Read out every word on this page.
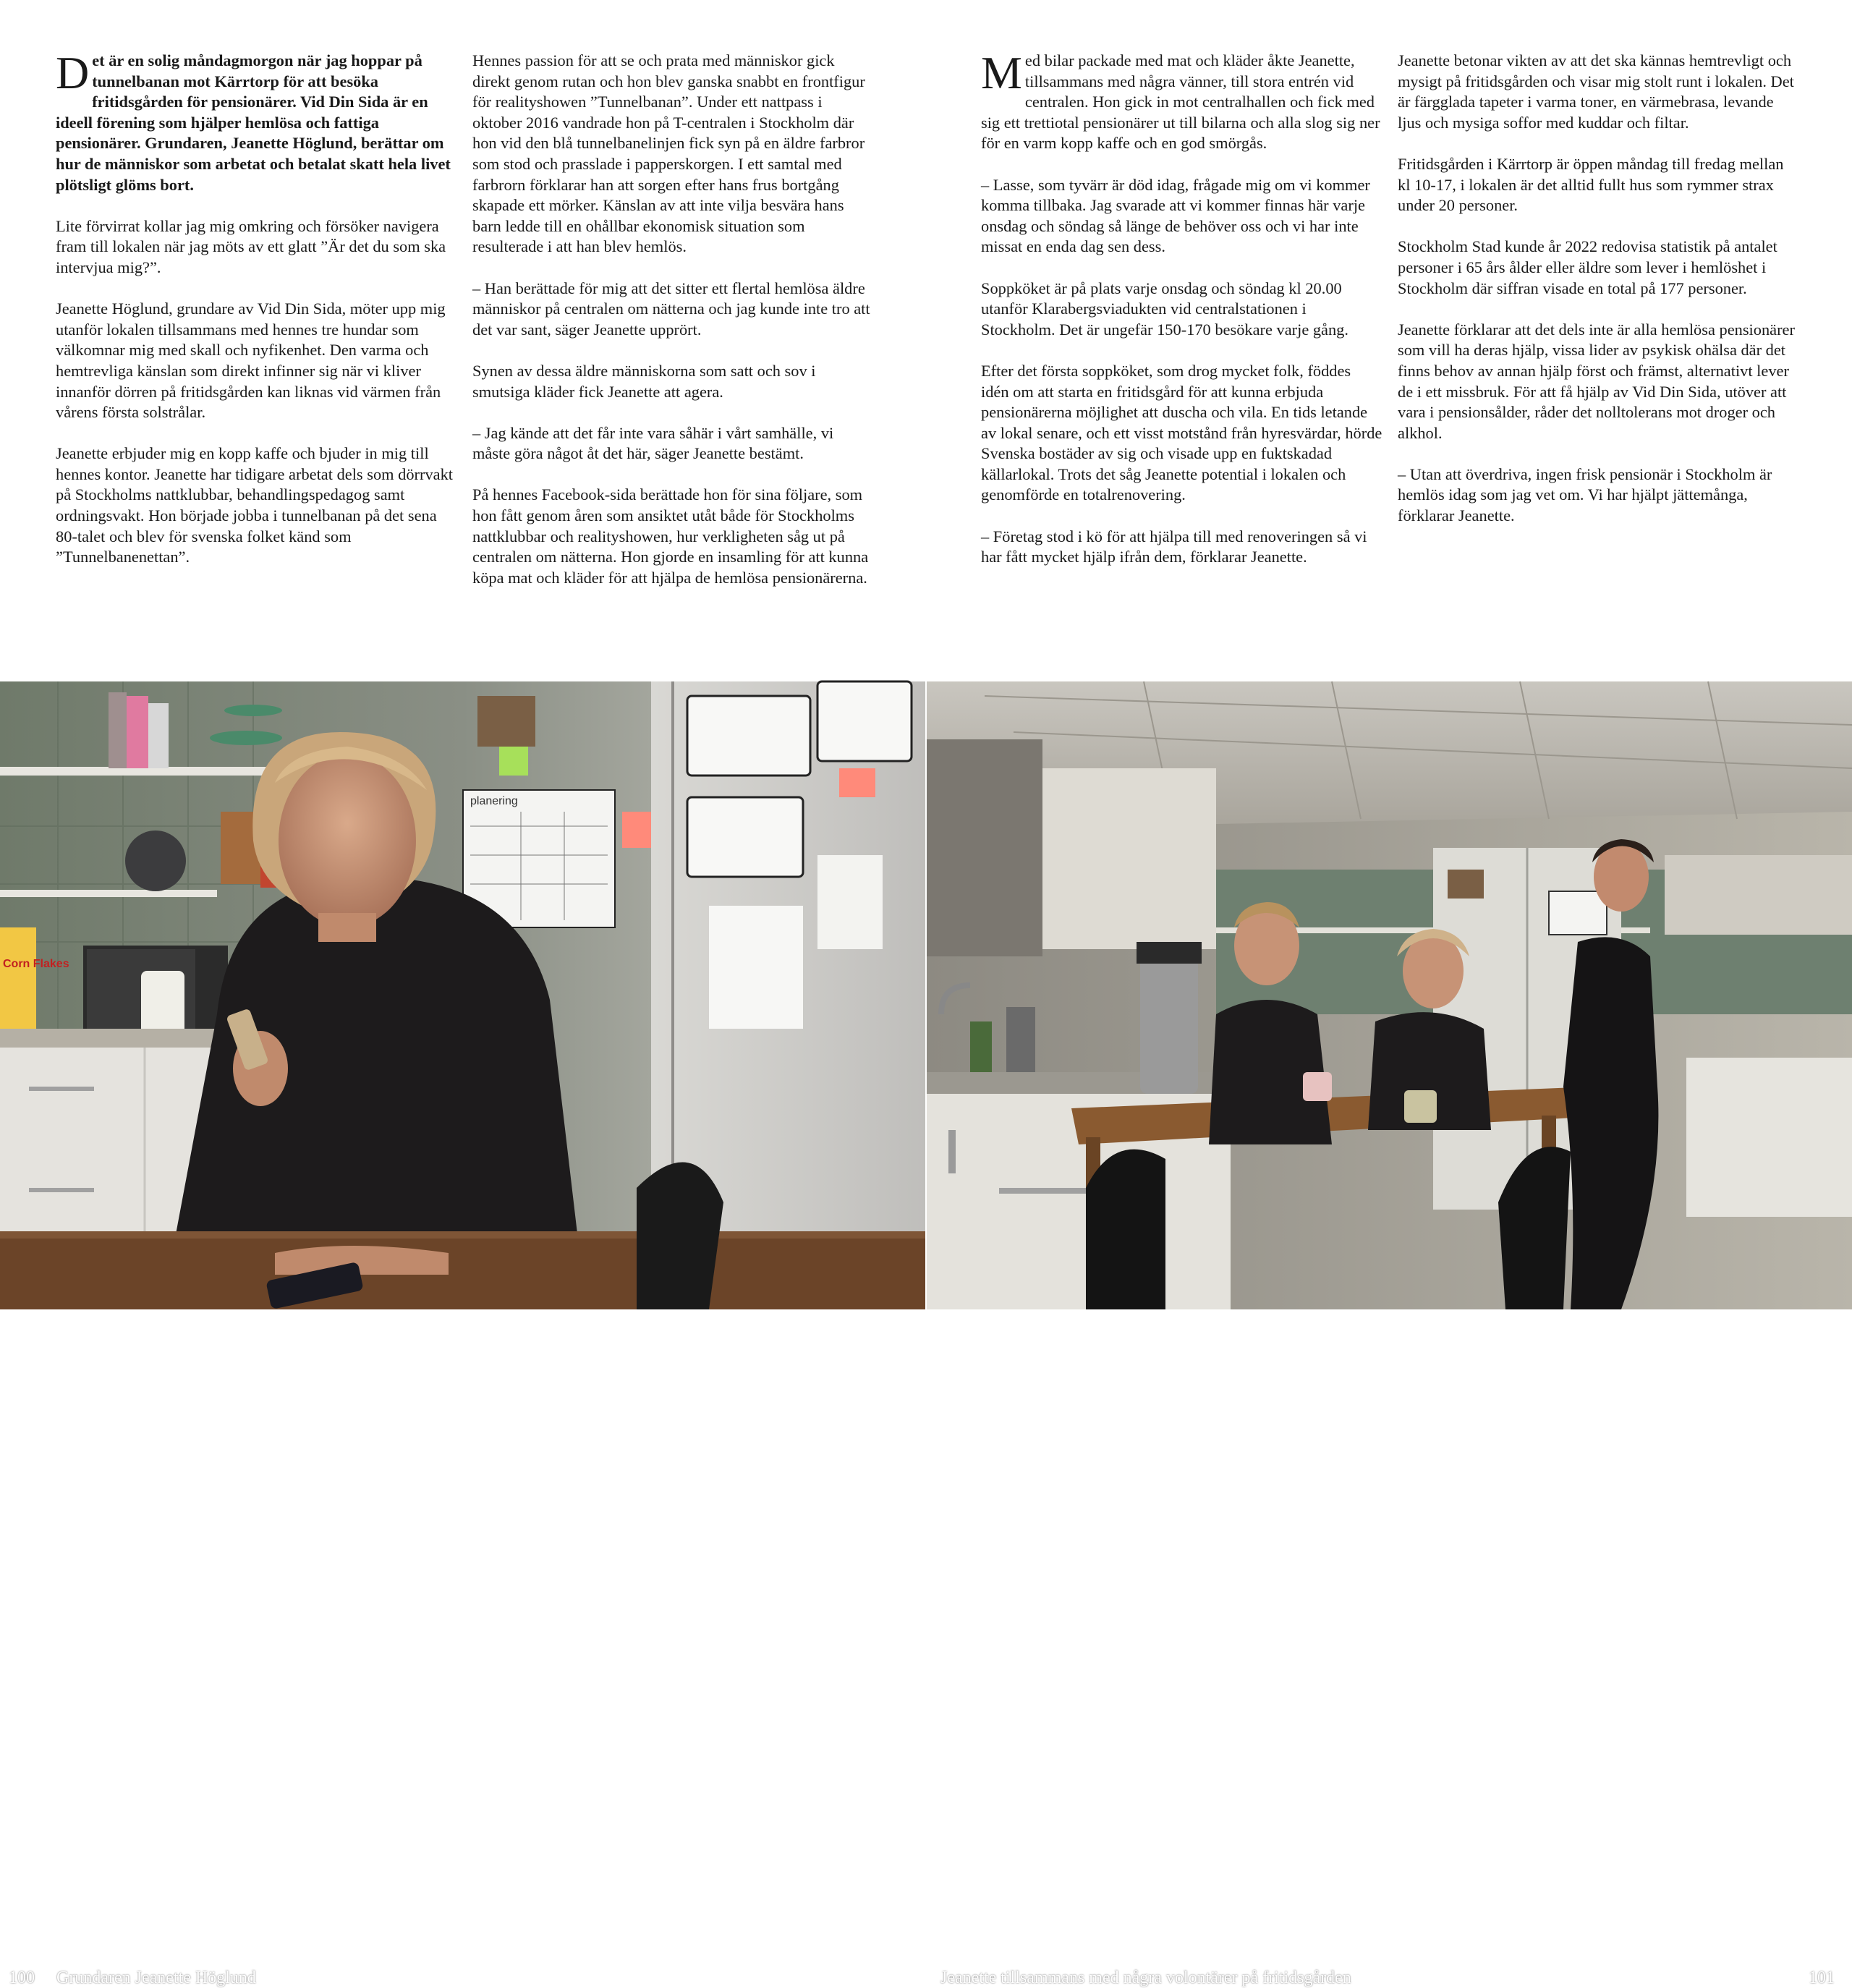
Det är en solig måndagmorgon när jag hoppar på tunnelbanan mot Kärrtorp för att besöka fritidsgården för pensionärer. Vid Din Sida är en ideell förening som hjälper hemlösa och fattiga pensionärer. Grundaren, Jeanette Höglund, berättar om hur de människor som arbetat och betalat skatt hela livet plötsligt glöms bort.

Lite förvirrat kollar jag mig omkring och försöker navigera fram till lokalen när jag möts av ett glatt ”Är det du som ska intervjua mig?”.

Jeanette Höglund, grundare av Vid Din Sida, möter upp mig utanför lokalen tillsammans med hennes tre hundar som välkomnar mig med skall och nyfikenhet. Den varma och hemtrevliga känslan som direkt infinner sig när vi kliver innanför dörren på fritidsgården kan liknas vid värmen från vårens första solstrålar.

Jeanette erbjuder mig en kopp kaffe och bjuder in mig till hennes kontor. Jeanette har tidigare arbetat dels som dörrvakt på Stockholms nattklubbar, behandlingspedagog samt ordningsvakt. Hon började jobba i tunnelbanan på det sena 80-talet och blev för svenska folket känd som ”Tunnelbanenettan”.

Hennes passion för att se och prata med människor gick direkt genom rutan och hon blev ganska snabbt en frontfigur för realityshowen ”Tunnelbanan”. Under ett nattpass i oktober 2016 vandrade hon på T-centralen i Stockholm där hon vid den blå tunnelbanelinjen fick syn på en äldre farbror som stod och prasslade i papperskorgen. I ett samtal med farbrorn förklarar han att sorgen efter hans frus bortgång skapade ett mörker. Känslan av att inte vilja besvära hans barn ledde till en ohållbar ekonomisk situation som resulterade i att han blev hemlös.

– Han berättade för mig att det sitter ett flertal hemlösa äldre människor på centralen om nätterna och jag kunde inte tro att det var sant, säger Jeanette upprört.

Synen av dessa äldre människorna som satt och sov i smutsiga kläder fick Jeanette att agera.

– Jag kände att det får inte vara såhär i vårt samhälle, vi måste göra något åt det här, säger Jeanette bestämt.

På hennes Facebook-sida berättade hon för sina följare, som hon fått genom åren som ansiktet utåt både för Stockholms nattklubbar och realityshowen, hur verkligheten såg ut på centralen om nätterna. Hon gjorde en insamling för att kunna köpa mat och kläder för att hjälpa de hemlösa pensionärerna.

Med bilar packade med mat och kläder åkte Jeanette, tillsammans med några vänner, till stora entrén vid centralen. Hon gick in mot centralhallen och fick med sig ett trettiotal pensionärer ut till bilarna och alla slog sig ner för en varm kopp kaffe och en god smörgås.

– Lasse, som tyvärr är död idag, frågade mig om vi kommer komma tillbaka. Jag svarade att vi kommer finnas här varje onsdag och söndag så länge de behöver oss och vi har inte missat en enda dag sen dess.

Soppköket är på plats varje onsdag och söndag kl 20.00 utanför Klarabergsviadukten vid centralstationen i Stockholm. Det är ungefär 150-170 besökare varje gång.

Efter det första soppköket, som drog mycket folk, föddes idén om att starta en fritidsgård för att kunna erbjuda pensionärerna möjlighet att duscha och vila. En tids letande av lokal senare, och ett visst motstånd från hyresvärdar, hörde Svenska bostäder av sig och visade upp en fuktskadad källarlokal. Trots det såg Jeanette potential i lokalen och genomförde en totalrenovering.

– Företag stod i kö för att hjälpa till med renoveringen så vi har fått mycket hjälp ifrån dem, förklarar Jeanette.

Jeanette betonar vikten av att det ska kännas hemtrevligt och mysigt på fritidsgården och visar mig stolt runt i lokalen. Det är färgglada tapeter i varma toner, en värmebrasa, levande ljus och mysiga soffor med kuddar och filtar.

Fritidsgården i Kärrtorp är öppen måndag till fredag mellan kl 10-17, i lokalen är det alltid fullt hus som rymmer strax under 20 personer.

Stockholm Stad kunde år 2022 redovisa statistik på antalet personer i 65 års ålder eller äldre som lever i hemlöshet i Stockholm där siffran visade en total på 177 personer.

Jeanette förklarar att det dels inte är alla hemlösa pensionärer som vill ha deras hjälp, vissa lider av psykisk ohälsa där det finns behov av annan hjälp först och främst, alternativt lever de i ett missbruk. För att få hjälp av Vid Din Sida, utöver att vara i pensionsålder, råder det nolltolerans mot droger och alkhol.

– Utan att överdriva, ingen frisk pensionär i Stockholm är hemlös idag som jag vet om. Vi har hjälpt jättemånga, förklarar Jeanette.

Corn Flakes
planering
100 Grundaren Jeanette Höglund	Jeanette tillsammans med några volontärer på fritidsgården	101
